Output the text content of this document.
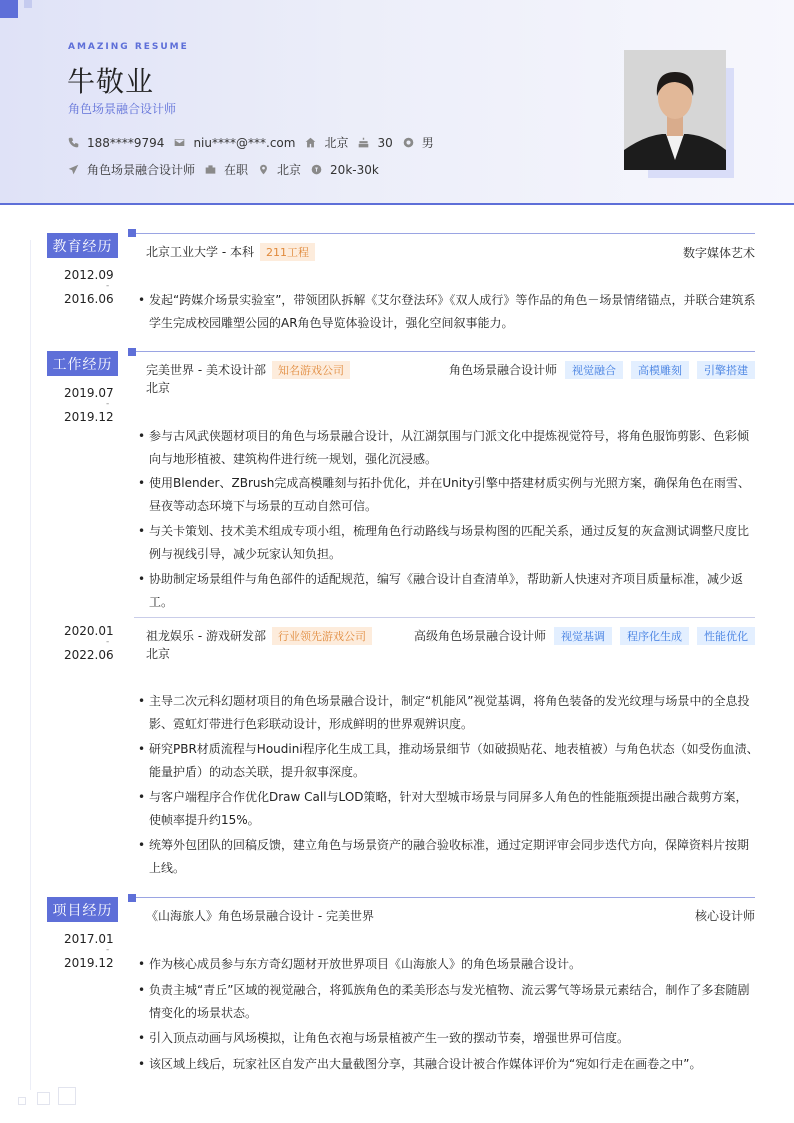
AMAZING RESUME
牛敬业
角色场景融合设计师
188****9794 niu****@***.com 北京 30 男
角色场景融合设计师 在职 北京 20k-30k
教育经历
2012.09
-
2016.06
北京工业大学 - 本科 211工程	数字媒体艺术
• 发起“跨媒介场景实验室”，带领团队拆解《艾尔登法环》《双人成行》等作品的角色－场景情绪锚点，并联合建筑系学生完成校园雕塑公园的AR角色导览体验设计，强化空间叙事能力。
工作经历
2019.07
-
2019.12
完美世界 - 美术设计部 知名游戏公司
北京
角色场景融合设计师 视觉融合 高模雕刻 引擎搭建
• 参与古风武侠题材项目的角色与场景融合设计，从江湖氛围与门派文化中提炼视觉符号，将角色服饰剪影、色彩倾向与地形植被、建筑构件进行统一规划，强化沉浸感。
• 使用Blender、ZBrush完成高模雕刻与拓扑优化，并在Unity引擎中搭建材质实例与光照方案，确保角色在雨雪、昼夜等动态环境下与场景的互动自然可信。
• 与关卡策划、技术美术组成专项小组，梳理角色行动路线与场景构图的匹配关系，通过反复的灰盒测试调整尺度比例与视线引导，减少玩家认知负担。
• 协助制定场景组件与角色部件的适配规范，编写《融合设计自查清单》，帮助新人快速对齐项目质量标准，减少返工。
2020.01
-
2022.06
祖龙娱乐 - 游戏研发部 行业领先游戏公司
北京
高级角色场景融合设计师 视觉基调 程序化生成 性能优化
• 主导二次元科幻题材项目的角色场景融合设计，制定“机能风”视觉基调，将角色装备的发光纹理与场景中的全息投影、霓虹灯带进行色彩联动设计，形成鲜明的世界观辨识度。
• 研究PBR材质流程与Houdini程序化生成工具，推动场景细节（如破损贴花、地表植被）与角色状态（如受伤血渍、能量护盾）的动态关联，提升叙事深度。
• 与客户端程序合作优化Draw Call与LOD策略，针对大型城市场景与同屏多人角色的性能瓶颈提出融合裁剪方案，使帧率提升约15%。
• 统筹外包团队的回稿反馈，建立角色与场景资产的融合验收标准，通过定期评审会同步迭代方向，保障资料片按期上线。
项目经历
2017.01
-
2019.12
《山海旅人》角色场景融合设计 - 完美世界	核心设计师
• 作为核心成员参与东方奇幻题材开放世界项目《山海旅人》的角色场景融合设计。
• 负责主城“青丘”区域的视觉融合，将狐族角色的柔美形态与发光植物、流云雾气等场景元素结合，制作了多套随剧情变化的场景状态。
• 引入顶点动画与风场模拟，让角色衣袍与场景植被产生一致的摆动节奏，增强世界可信度。
• 该区域上线后，玩家社区自发产出大量截图分享，其融合设计被合作媒体评价为“宛如行走在画卷之中”。
